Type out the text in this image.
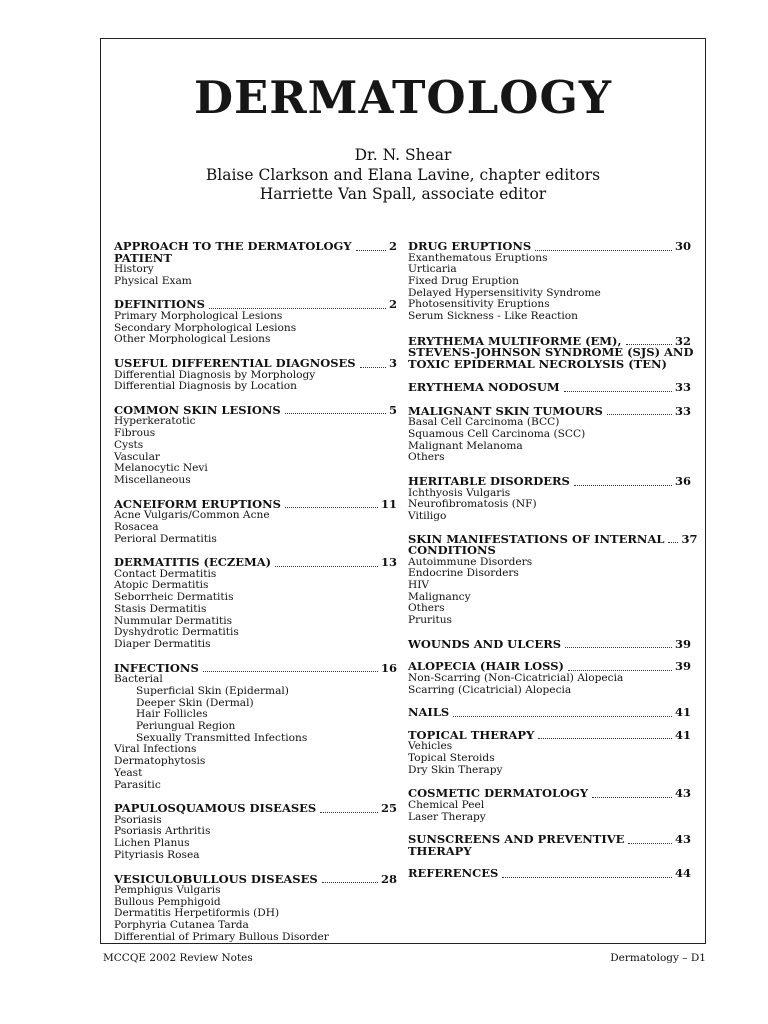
DERMATOLOGY
Dr. N. Shear
Blaise Clarkson and Elana Lavine, chapter editors
Harriette Van Spall, associate editor
APPROACH TO THE DERMATOLOGY	2
PATIENT
History
Physical Exam
DEFINITIONS	2
Primary Morphological Lesions
Secondary Morphological Lesions
Other Morphological Lesions
USEFUL DIFFERENTIAL DIAGNOSES	3
Differential Diagnosis by Morphology
Differential Diagnosis by Location
COMMON SKIN LESIONS	5
Hyperkeratotic
Fibrous
Cysts
Vascular
Melanocytic Nevi
Miscellaneous
ACNEIFORM ERUPTIONS	11
Acne Vulgaris/Common Acne
Rosacea
Perioral Dermatitis
DERMATITIS (ECZEMA)	13
Contact Dermatitis
Atopic Dermatitis
Seborrheic Dermatitis
Stasis Dermatitis
Nummular Dermatitis
Dyshydrotic Dermatitis
Diaper Dermatitis
INFECTIONS	16
Bacterial
Superficial Skin (Epidermal)
Deeper Skin (Dermal)
Hair Follicles
Periungual Region
Sexually Transmitted Infections
Viral Infections
Dermatophytosis
Yeast
Parasitic
PAPULOSQUAMOUS DISEASES	25
Psoriasis
Psoriasis Arthritis
Lichen Planus
Pityriasis Rosea
VESICULOBULLOUS DISEASES	28
Pemphigus Vulgaris
Bullous Pemphigoid
Dermatitis Herpetiformis (DH)
Porphyria Cutanea Tarda
Differential of Primary Bullous Disorder
DRUG ERUPTIONS	30
Exanthematous Eruptions
Urticaria
Fixed Drug Eruption
Delayed Hypersensitivity Syndrome
Photosensitivity Eruptions
Serum Sickness - Like Reaction
ERYTHEMA MULTIFORME (EM),	32
STEVENS-JOHNSON SYNDROME (SJS) AND
TOXIC EPIDERMAL NECROLYSIS (TEN)
ERYTHEMA NODOSUM	33
MALIGNANT SKIN TUMOURS	33
Basal Cell Carcinoma (BCC)
Squamous Cell Carcinoma (SCC)
Malignant Melanoma
Others
HERITABLE DISORDERS	36
Ichthyosis Vulgaris
Neurofibromatosis (NF)
Vitiligo
SKIN MANIFESTATIONS OF INTERNAL 37
CONDITIONS
Autoimmune Disorders
Endocrine Disorders
HIV
Malignancy
Others
Pruritus
WOUNDS AND ULCERS	39
ALOPECIA (HAIR LOSS)	39
Non-Scarring (Non-Cicatricial) Alopecia
Scarring (Cicatricial) Alopecia
NAILS	41
TOPICAL THERAPY	41
Vehicles
Topical Steroids
Dry Skin Therapy
COSMETIC DERMATOLOGY	43
Chemical Peel
Laser Therapy
SUNSCREENS AND PREVENTIVE	43
THERAPY
REFERENCES	44
MCCQE 2002 Review Notes	Dermatology – D1
